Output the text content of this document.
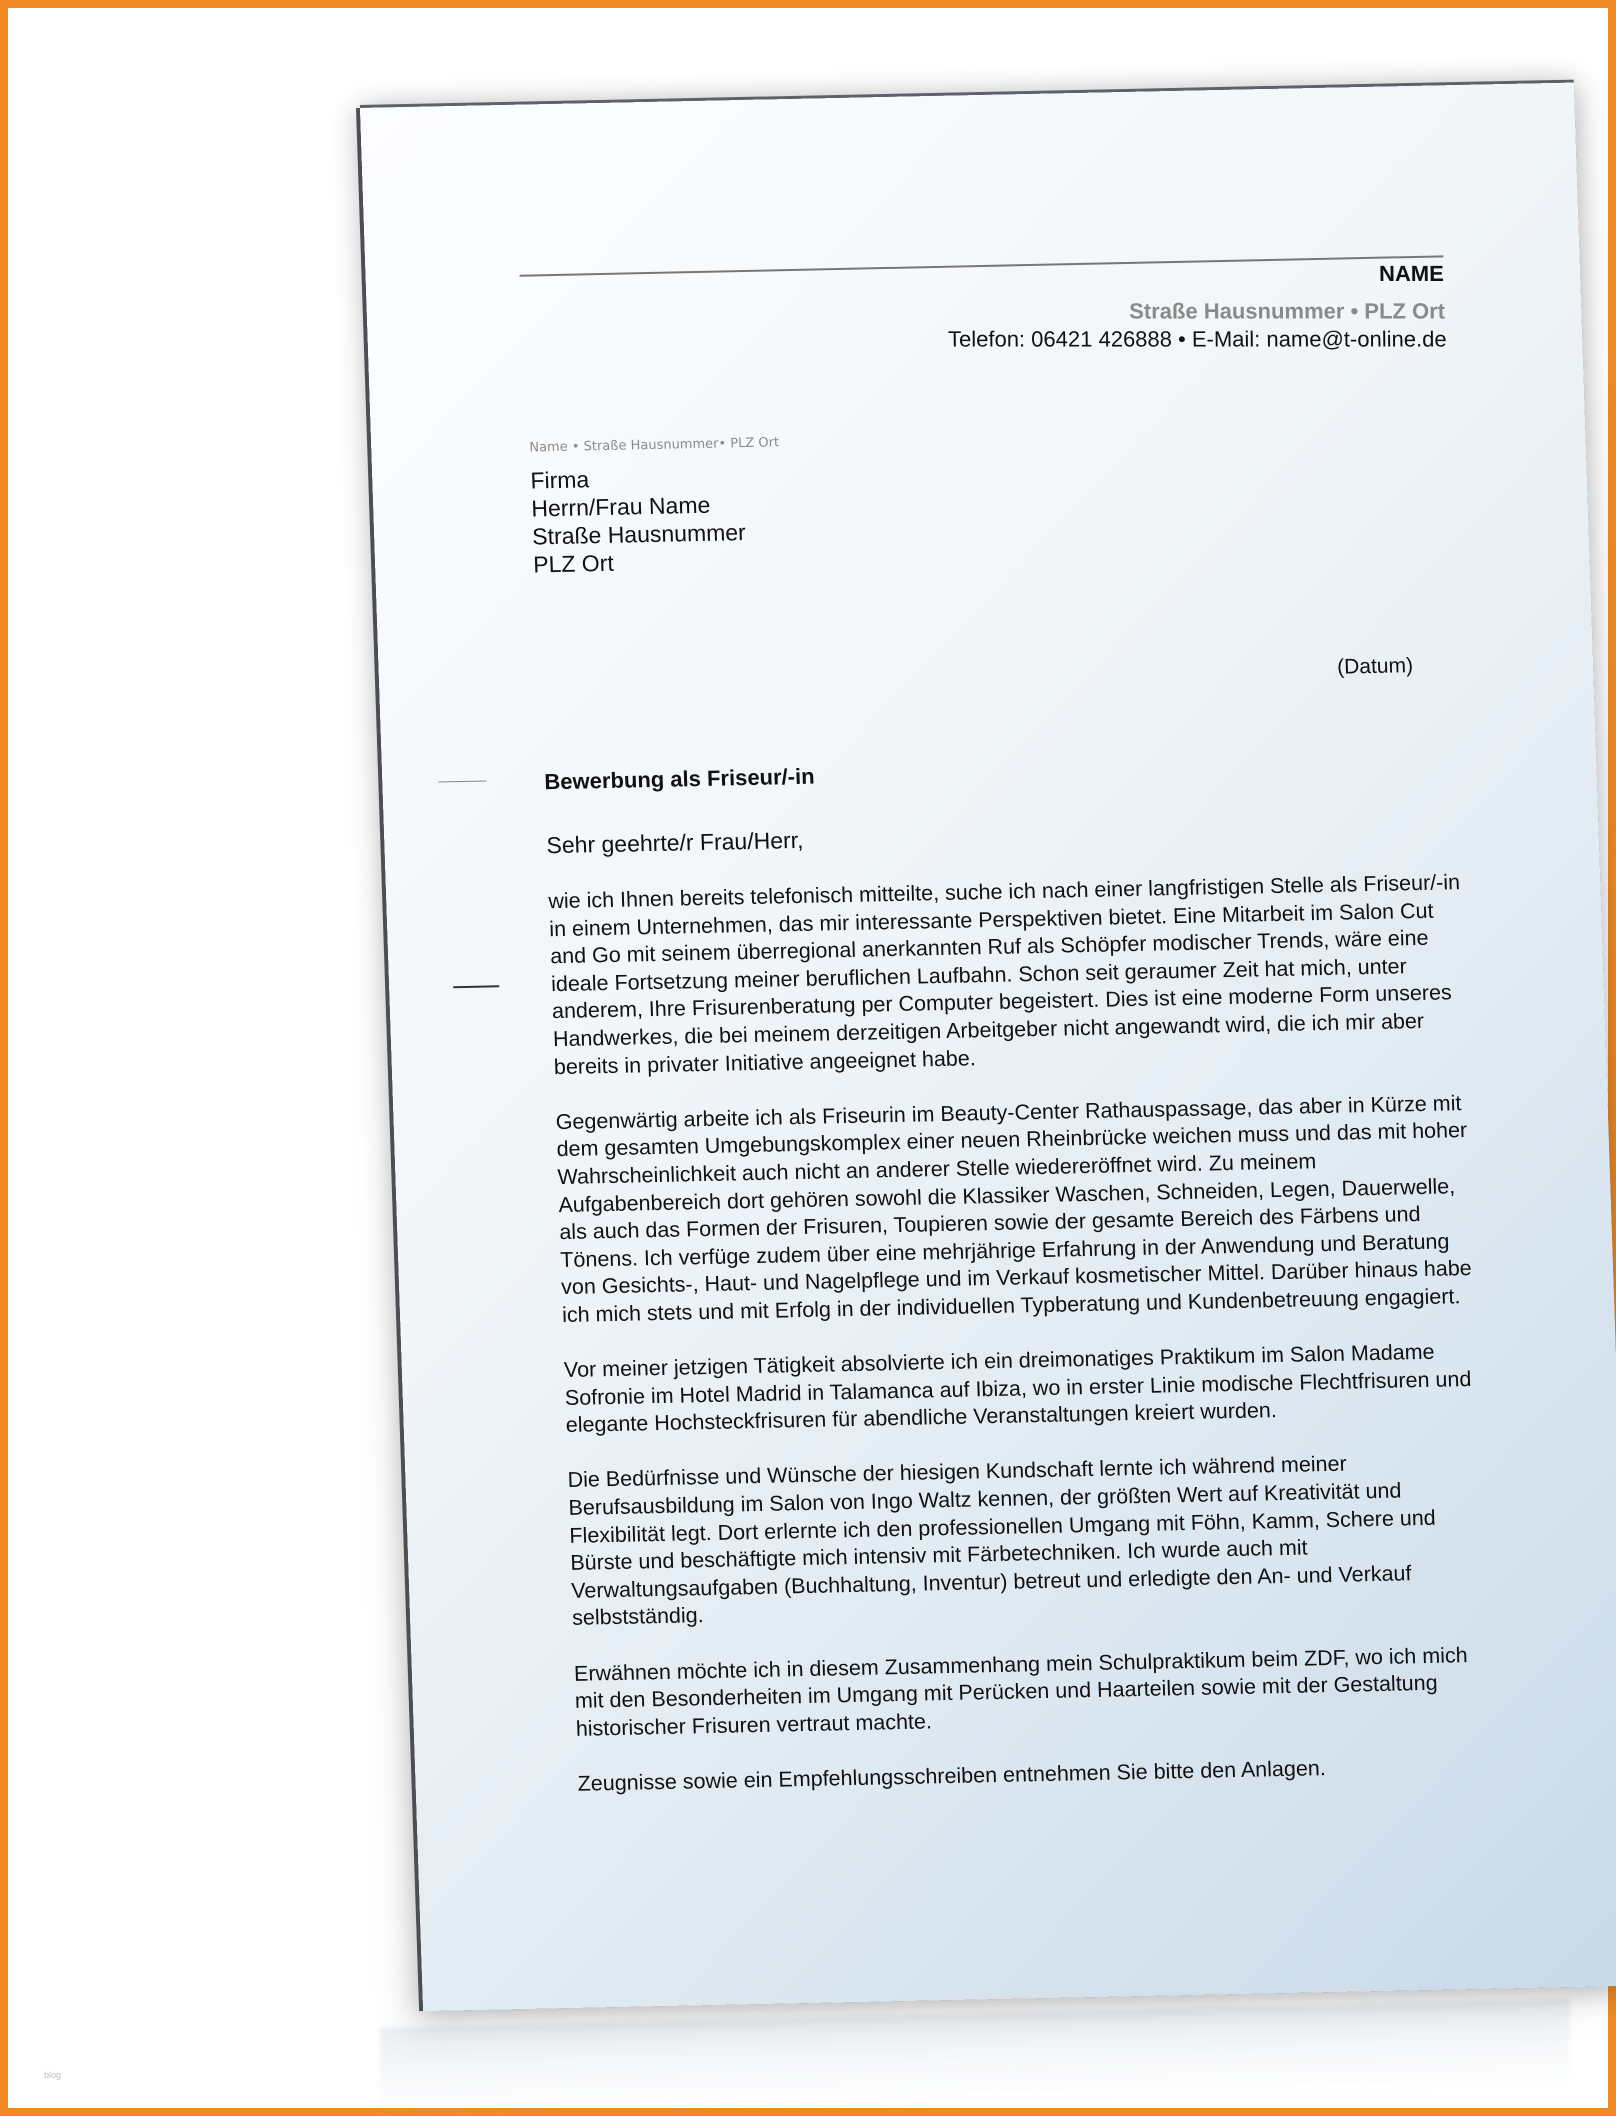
NAME
Straße Hausnummer • PLZ Ort
Telefon: 06421 426888 • E-Mail: name@t-online.de
Name • Straße Hausnummer• PLZ Ort
Firma
Herrn/Frau Name
Straße Hausnummer
PLZ Ort
(Datum)
Bewerbung als Friseur/-in
Sehr geehrte/r Frau/Herr,

wie ich Ihnen bereits telefonisch mitteilte, suche ich nach einer langfristigen Stelle als Friseur/-in in einem Unternehmen, das mir interessante Perspektiven bietet. Eine Mitarbeit im Salon Cut and Go mit seinem überregional anerkannten Ruf als Schöpfer modischer Trends, wäre eine ideale Fortsetzung meiner beruflichen Laufbahn. Schon seit geraumer Zeit hat mich, unter anderem, Ihre Frisurenberatung per Computer begeistert. Dies ist eine moderne Form unseres Handwerkes, die bei meinem derzeitigen Arbeitgeber nicht angewandt wird, die ich mir aber bereits in privater Initiative angeeignet habe.

Gegenwärtig arbeite ich als Friseurin im Beauty-Center Rathauspassage, das aber in Kürze mit dem gesamten Umgebungskomplex einer neuen Rheinbrücke weichen muss und das mit hoher Wahrscheinlichkeit auch nicht an anderer Stelle wiedereröffnet wird. Zu meinem Aufgabenbereich dort gehören sowohl die Klassiker Waschen, Schneiden, Legen, Dauerwelle, als auch das Formen der Frisuren, Toupieren sowie der gesamte Bereich des Färbens und Tönens. Ich verfüge zudem über eine mehrjährige Erfahrung in der Anwendung und Beratung von Gesichts-, Haut- und Nagelpflege und im Verkauf kosmetischer Mittel. Darüber hinaus habe ich mich stets und mit Erfolg in der individuellen Typberatung und Kundenbetreuung engagiert.

Vor meiner jetzigen Tätigkeit absolvierte ich ein dreimonatiges Praktikum im Salon Madame Sofronie im Hotel Madrid in Talamanca auf Ibiza, wo in erster Linie modische Flechtfrisuren und elegante Hochsteckfrisuren für abendliche Veranstaltungen kreiert wurden.

Die Bedürfnisse und Wünsche der hiesigen Kundschaft lernte ich während meiner Berufsausbildung im Salon von Ingo Waltz kennen, der größten Wert auf Kreativität und Flexibilität legt. Dort erlernte ich den professionellen Umgang mit Föhn, Kamm, Schere und Bürste und beschäftigte mich intensiv mit Färbetechniken. Ich wurde auch mit Verwaltungsaufgaben (Buchhaltung, Inventur) betreut und erledigte den An- und Verkauf selbstständig.

Erwähnen möchte ich in diesem Zusammenhang mein Schulpraktikum beim ZDF, wo ich mich mit den Besonderheiten im Umgang mit Perücken und Haarteilen sowie mit der Gestaltung historischer Frisuren vertraut machte.

Zeugnisse sowie ein Empfehlungsschreiben entnehmen Sie bitte den Anlagen.

blog
